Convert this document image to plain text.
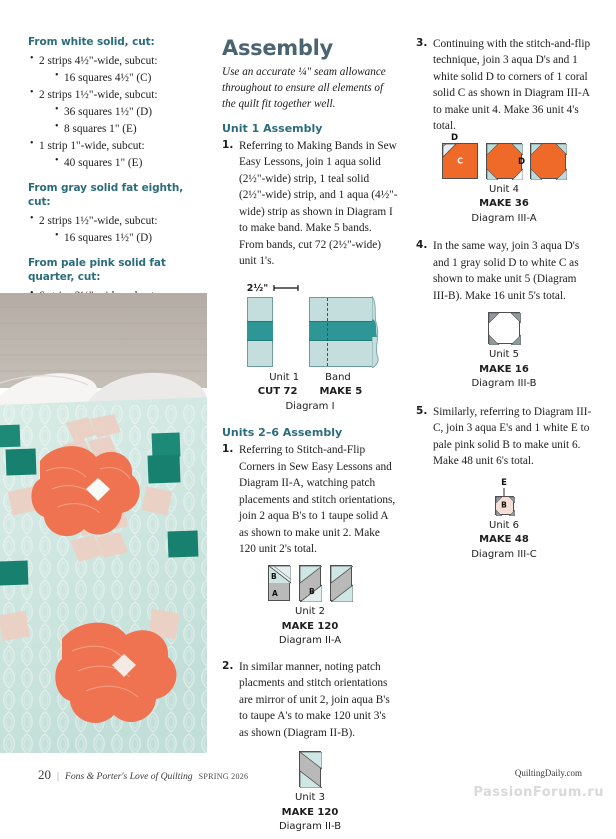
From white solid, cut:
• 2 strips 4½"-wide, subcut:
• 16 squares 4½" (C)
• 2 strips 1½"-wide, subcut:
• 36 squares 1½" (D)
• 8 squares 1" (E)
• 1 strip 1"-wide, subcut:
• 40 squares 1" (E)
From gray solid fat eighth, cut:
• 2 strips 1½"-wide, subcut:
• 16 squares 1½" (D)
From pale pink solid fat quarter, cut:
•
•
Assembly

Use an accurate ¼" seam allowance throughout to ensure all elements of the quilt fit together well.

Unit 1 Assembly
1. Referring to Making Bands in Sew Easy Lessons, join 1 aqua solid (2½"-wide) strip, 1 teal solid (2½"-wide) strip, and 1 aqua (4½"-wide) strip as shown in Diagram I to make band. Make 5 bands. From bands, cut 72 (2½"-wide) unit 1's.
2½"
Unit 1	Band
CUT 72 MAKE 5
Diagram I
Units 2–6 Assembly
1. Referring to Stitch-and-Flip Corners in Sew Easy Lessons and Diagram II-A, watching patch placements and stitch orientations, join 2 aqua B's to 1 taupe solid A as shown to make unit 2. Make 120 unit 2's total.
B
A	B
Unit 2
MAKE 120
Diagram II-A
2. In similar manner, noting patch placments and stitch orientations are mirror of unit 2, join aqua B's to taupe A's to make 120 unit 3's as shown (Diagram II-B).
Unit 3
MAKE 120
Diagram II-B
3. Continuing with the stitch-and-flip technique, join 3 aqua D's and 1 white solid D to corners of 1 coral solid C as shown in Diagram III-A to make unit 4. Make 36 unit 4's total.
C
D
D
Unit 4
MAKE 36
Diagram III-A
4. In the same way, join 3 aqua D's and 1 gray solid D to white C as shown to make unit 5 (Diagram III-B). Make 16 unit 5's total.
Unit 5
MAKE 16
Diagram III-B
5. Similarly, referring to Diagram III-C, join 3 aqua E's and 1 white E to pale pink solid B to make unit 6. Make 48 unit 6's total.
E
B
Unit 6
MAKE 48
Diagram III-C
20 | Fons & Porter's Love of Quilting SPRING 2026	QuiltingDaily.com
PassionForum.ru
